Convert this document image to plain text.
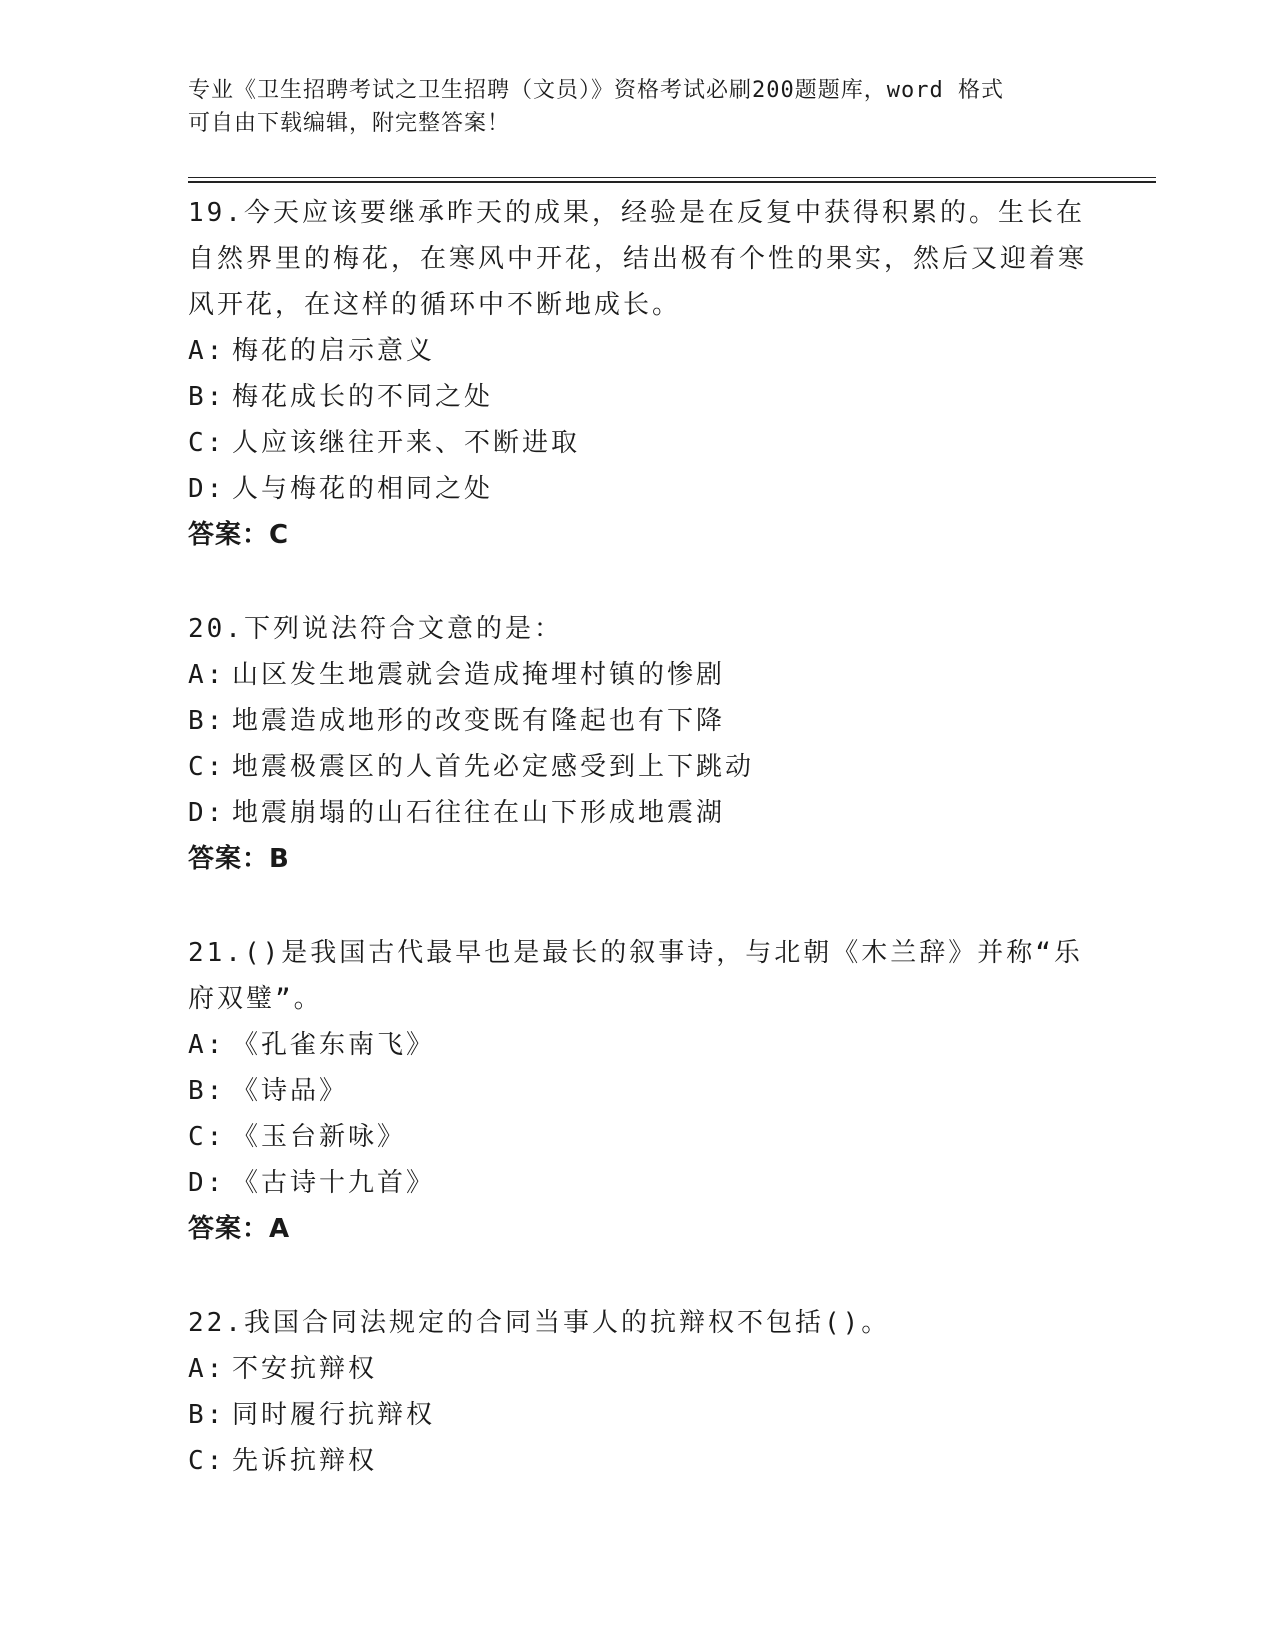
专业《卫生招聘考试之卫生招聘（文员）》资格考试必刷200题题库，word 格式
可自由下载编辑，附完整答案！
19.今天应该要继承昨天的成果，经验是在反复中获得积累的。生长在自然界里的梅花，在寒风中开花，结出极有个性的果实，然后又迎着寒风开花，在这样的循环中不断地成长。
A: 梅花的启示意义
B: 梅花成长的不同之处
C: 人应该继往开来、不断进取
D: 人与梅花的相同之处
答案：C
20.下列说法符合文意的是：
A: 山区发生地震就会造成掩埋村镇的惨剧
B: 地震造成地形的改变既有隆起也有下降
C: 地震极震区的人首先必定感受到上下跳动
D: 地震崩塌的山石往往在山下形成地震湖
答案：B
21.()是我国古代最早也是最长的叙事诗，与北朝《木兰辞》并称“乐府双璧”。
A: 《孔雀东南飞》
B: 《诗品》
C: 《玉台新咏》
D: 《古诗十九首》
答案：A
22.我国合同法规定的合同当事人的抗辩权不包括()。
A: 不安抗辩权
B: 同时履行抗辩权
C: 先诉抗辩权
